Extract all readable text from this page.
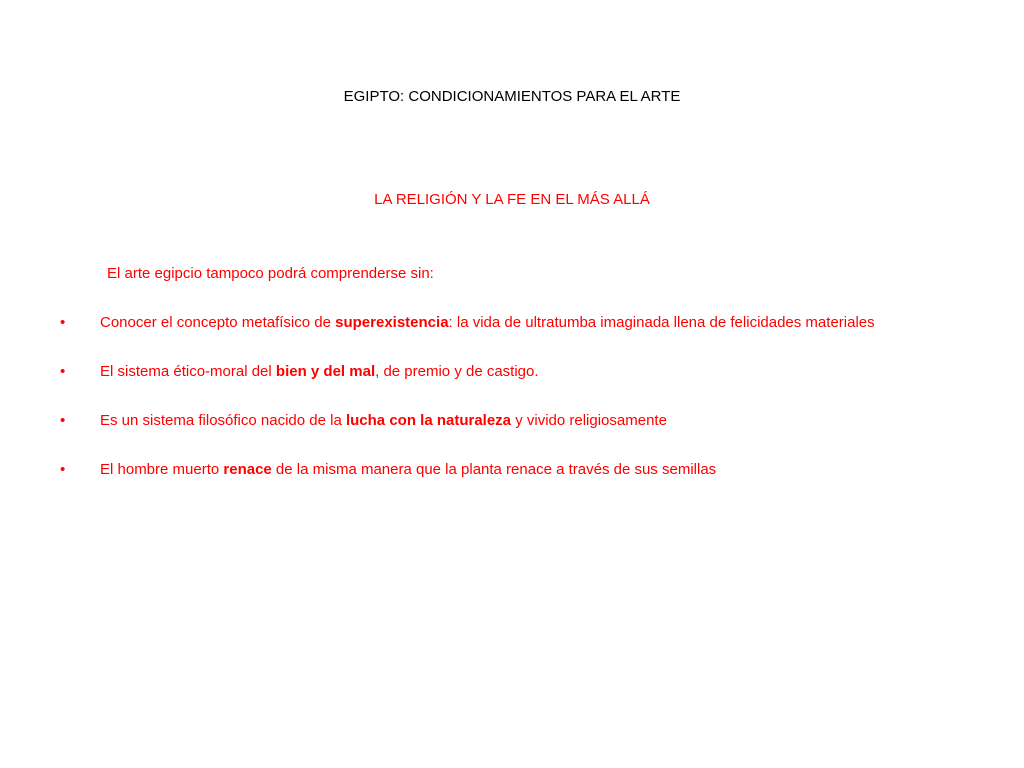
EGIPTO: CONDICIONAMIENTOS PARA EL ARTE
LA RELIGIÓN Y LA FE EN EL MÁS ALLÁ
El arte egipcio tampoco podrá comprenderse sin:
• Conocer el concepto metafísico de superexistencia: la vida de ultratumba imaginada llena de felicidades materiales
• El sistema ético-moral del bien y del mal, de premio y de castigo.
• Es un sistema filosófico nacido de la lucha con la naturaleza y vivido religiosamente
• El hombre muerto renace de la misma manera que la planta renace a través de sus semillas
